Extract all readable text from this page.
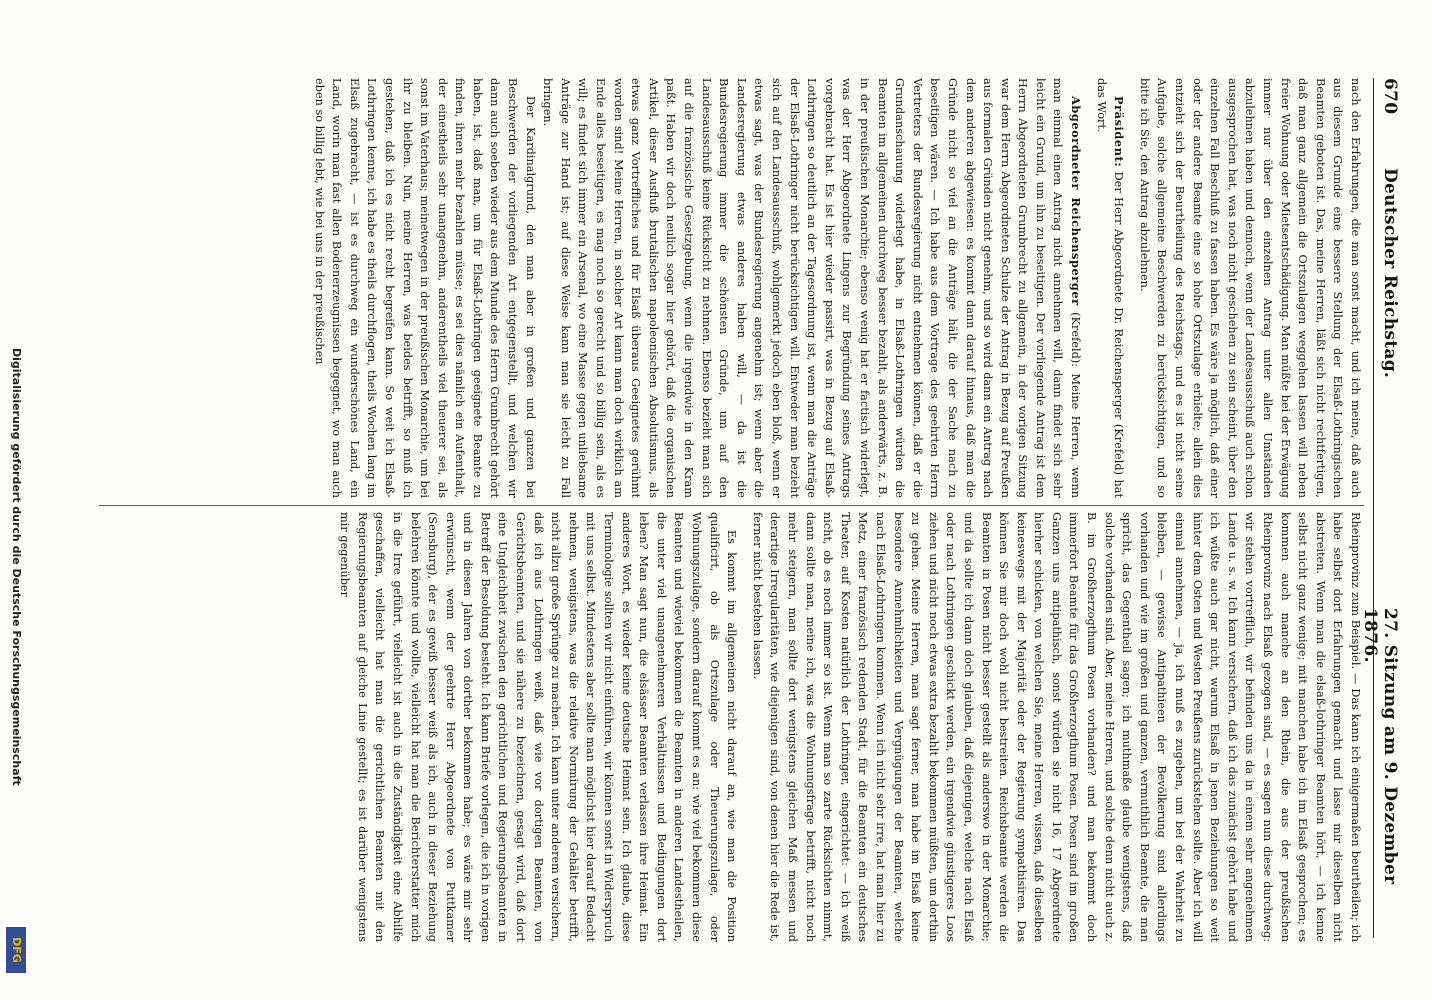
670
Deutscher Reichstag.
27. Sitzung am 9. Dezember 1876.

nach den Erfahrungen, die man sonst macht, und ich meine, daß auch aus diesem Grunde eine bessere Stellung der Elsaß-Lothringischen Beamten geboten ist. Das, meine Herren, läßt sich nicht rechtfertigen, daß man ganz allgemein die Ortszulagen weggehen lassen will neben freier Wohnung oder Mietsentschädigung. Man müßte bei der Erwägung immer nur über den einzelnen Antrag unter allen Umständen abzulehnen haben und dennoch, wenn der Landesausschuß auch schon ausgesprochen hat, was noch nicht geschehen zu sein scheint, über den einzelnen Fall Beschluß zu fassen haben. Es wäre ja möglich, daß einer oder der andere Beamte eine so hohe Ortszulage erhielte; allein dies entzieht sich der Beurtheilung des Reichstags, und es ist nicht seine Aufgabe, solche allgemeine Beschwerden zu berücksichtigen, und so bitte ich Sie, den Antrag abzulehnen.

Präsident: Der Herr Abgeordnete Dr. Reichensperger (Krefeld) hat das Wort.

Abgeordneter Reichensperger (Krefeld): Meine Herren, wenn man einmal einen Antrag nicht annehmen will, dann findet sich sehr leicht ein Grund, um ihn zu beseitigen. Der vorliegende Antrag ist dem Herrn Abgeordneten Grumbrecht zu allgemein, in der vorigen Sitzung war dem Herrn Abgeordneten Schulze der Antrag in Bezug auf Preußen aus formalen Gründen nicht genehm, und so wird dann ein Antrag nach dem anderen abgewiesen: es kommt dann darauf hinaus, daß man die Gründe nicht so viel an die Anträge hält, die der Sache nach zu beseitigen wären. — Ich habe aus dem Vortrage des geehrten Herrn Vertreters der Bundesregierung nicht entnehmen können, daß er die Grundanschauung widerlegt habe, in Elsaß-Lothringen würden die Beamten im allgemeinen durchweg besser bezahlt, als anderwärts, z. B. in der preußischen Monarchie; ebenso wenig hat er factisch widerlegt, was der Herr Abgeordnete Lingens zur Begründung seines Antrags vorgebracht hat. Es ist hier wieder passirt, was in Bezug auf Elsaß-Lothringen so deutlich an der Tagesordnung ist, wenn man die Anträge der Elsaß-Lothringer nicht berücksichtigen will. Entweder man bezieht sich auf den Landesausschuß, wohlgemerkt jedoch eben bloß, wenn er etwas sagt, was der Bundesregierung angenehm ist; wenn aber die Landesregierung etwas anderes haben will, — da ist die Bundesregierung immer die schönsten Gründe, um auf den Landesausschuß keine Rücksicht zu nehmen. Ebenso bezieht man sich auf die französische Gesetzgebung, wenn die irgendwie in den Kram paßt. Haben wir doch neulich sogar hier gehört, daß die organischen Artikel, dieser Ausfluß brutalischen napoleonischen Absolutismus, als etwas ganz Vortreffliches und für Elsaß überaus Geeignetes gerühmt worden sind! Meine Herren, in solcher Art kann man doch wirklich am Ende alles beseitigen, es mag noch so gerecht und so billig sein, als es will; es findet sich immer ein Arsenal, wo eine Masse gegen unliebsame Anträge zur Hand ist; auf diese Weise kann man sie leicht zu Fall bringen.

Der Kardinalgrund, den man aber in großen und ganzen bei Beschwerden der vorliegenden Art entgegenstellt, und welchen wir dann auch soeben wieder aus dem Munde des Herrn Grumbrecht gehört haben, ist, daß man, um für Elsaß-Lothringen geeignete Beamte zu finden, ihnen mehr bezahlen müsse; es sei dies nämlich ein Aufenthalt, der einestheils sehr unangenehm, anderentheils viel theuerer sei, als sonst im Vaterhaus; meinetwegen in der preußischen Monarchie, um bei ihr zu bleiben. Nun, meine Herren, was beides betrifft, so muß ich gestehen, daß ich es nicht recht begreifen kann. So weit ich Elsaß-Lothringen kenne, ich habe es theils durchflogen, theils Wochen lang im Elsaß zugebracht, — ist es durchweg ein wunderschönes Land, ein Land, worin man fast allen Bodenerzeugnissen begegnet, wo man auch eben so billig lebt, wie bei uns in der preußischen

Rheinprovinz zum Beispiel. — Das kann ich einigermaßen beurtheilen; ich habe selbst dort Erfahrungen gemacht und lasse mir dieselben nicht abstreiten. Wenn man die elsaß-lothringer Beamten hört, — ich kenne selbst nicht ganz wenige; mit manchen habe ich im Elsaß gesprochen; es kommen auch manche an den Rhein, die aus der preußischen Rheinprovinz nach Elsaß gezogen sind, — es sagen nun diese durchweg: wir stehen vortrefflich, wir befinden uns da in einem sehr angenehmen Lande u. s. w. Ich kann versichern, daß ich das zunächst gehört habe und ich wüßte auch gar nicht, warum Elsaß in jenen Beziehungen so weit hinter dem Osten und Westen Preußens zurückstehen sollte. Aber ich will einmal annehmen, — ja, ich muß es zugeben, um bei der Wahrheit zu bleiben, — gewisse Antipathieen der Bevölkerung sind allerdings vorhanden und wie im großen und ganzen, vermuthlich Beamte, die man spricht, das Gegentheil sagen; ich muthmaße glaube wenigstens, daß solche vorhanden sind. Aber, meine Herren, und solche denn nicht auch z. B. im Großherzogthum Posen vorhanden? und man bekommt doch immerfort Beamte für das Großherzogthum Posen. Posen sind im großen Ganzen uns antipathisch, sonst würden sie nicht 16, 17 Abgeordnete hierher schicken, von welchen Sie, meine Herren, wissen, daß dieselben keineswegs mit der Majorität oder der Regierung sympathisiren. Das können Sie mir doch wohl nicht bestreiten. Reichsbeamte werden die Beamten in Posen nicht besser gestellt als anderswo in der Monarchie; und da sollte ich dann doch glauben, daß diejenigen, welche nach Elsaß oder nach Lothringen geschickt werden, ein irgendwie günstigeres Loos ziehen und nicht noch etwas extra bezahlt bekommen müßten, um dorthin zu gehen. Meine Herren, man sagt ferner, man habe im Elsaß keine besondere Annehmlichkeiten und Vergnügungen der Beamten, welche nach Elsaß-Lothringen kommen. Wenn ich nicht sehr irre, hat man hier zu Metz, einer französisch redenden Stadt, für die Beamten ein deutsches Theater, auf Kosten natürlich der Lothringer, eingerichtet: — ich weiß nicht, ob es noch immer so ist. Wenn man so zarte Rücksichten nimmt, dann sollte man, meine ich, was die Wohnungsfrage betrifft, nicht noch mehr steigern, man sollte dort wenigstens gleichen Maß messen und derartige Irregularitäten, wie diejenigen sind, von denen hier die Rede ist, ferner nicht bestehen lassen.

Es kommt im allgemeinen nicht darauf an, wie man die Position qualificirt, ob als Ortszulage oder Theuerungszulage, oder Wohnungszulage, sondern darauf kommt es an: wie viel bekommen diese Beamten und wieviel bekommen die Beamten in anderen Landestheilen, die unter viel unangenehmeren Verhältnissen und Bedingungen dort leben? Man sagt nun, die elsässer Beamten verlassen ihre Heimat. Ein anderes Wort, es wieder keine deutsche Heimat sein. Ich glaube, diese Terminologie sollten wir nicht einführen, wir können sonst in Widerspruch mit uns selbst. Mindestens aber sollte man möglichst hier darauf Bedacht nehmen, wenigstens, was die relative Normirung der Gehälter betrifft, nicht allzu große Sprünge zu machen. Ich kann unter anderem versichern, daß ich aus Lothringen weiß, daß wie vor dortigen Beamten, von Gerichtsbeamten, und sie nähere zu bezeichnen, gesagt wird, daß dort eine Ungleichheit zwischen den gerichtlichen und Regierungsbeamten in Betreff der Besoldung besteht. Ich kann Briefe vorlegen, die ich in vorigen und in diesen Jahren von dorther bekommen habe; es wäre mir sehr erwünscht, wenn der geehrte Herr Abgeordnete von Puttkamer (Sensburg), der es gewiß besser weiß als ich, auch in dieser Beziehung belehren könnte und wollte, vielleicht hat man die Berichterstatter mich in die Irre geführt, vielleicht ist auch in die Zuständigkeit eine Abhilfe geschaffen, vielleicht hat man die gerichtlichen Beamten mit den Regierungsbeamten auf gleiche Linie gestellt; es ist darüber wenigstens mir gegenüber

Digitalisierung gefördert durch die Deutsche Forschungsgemeinschaft
DFG
